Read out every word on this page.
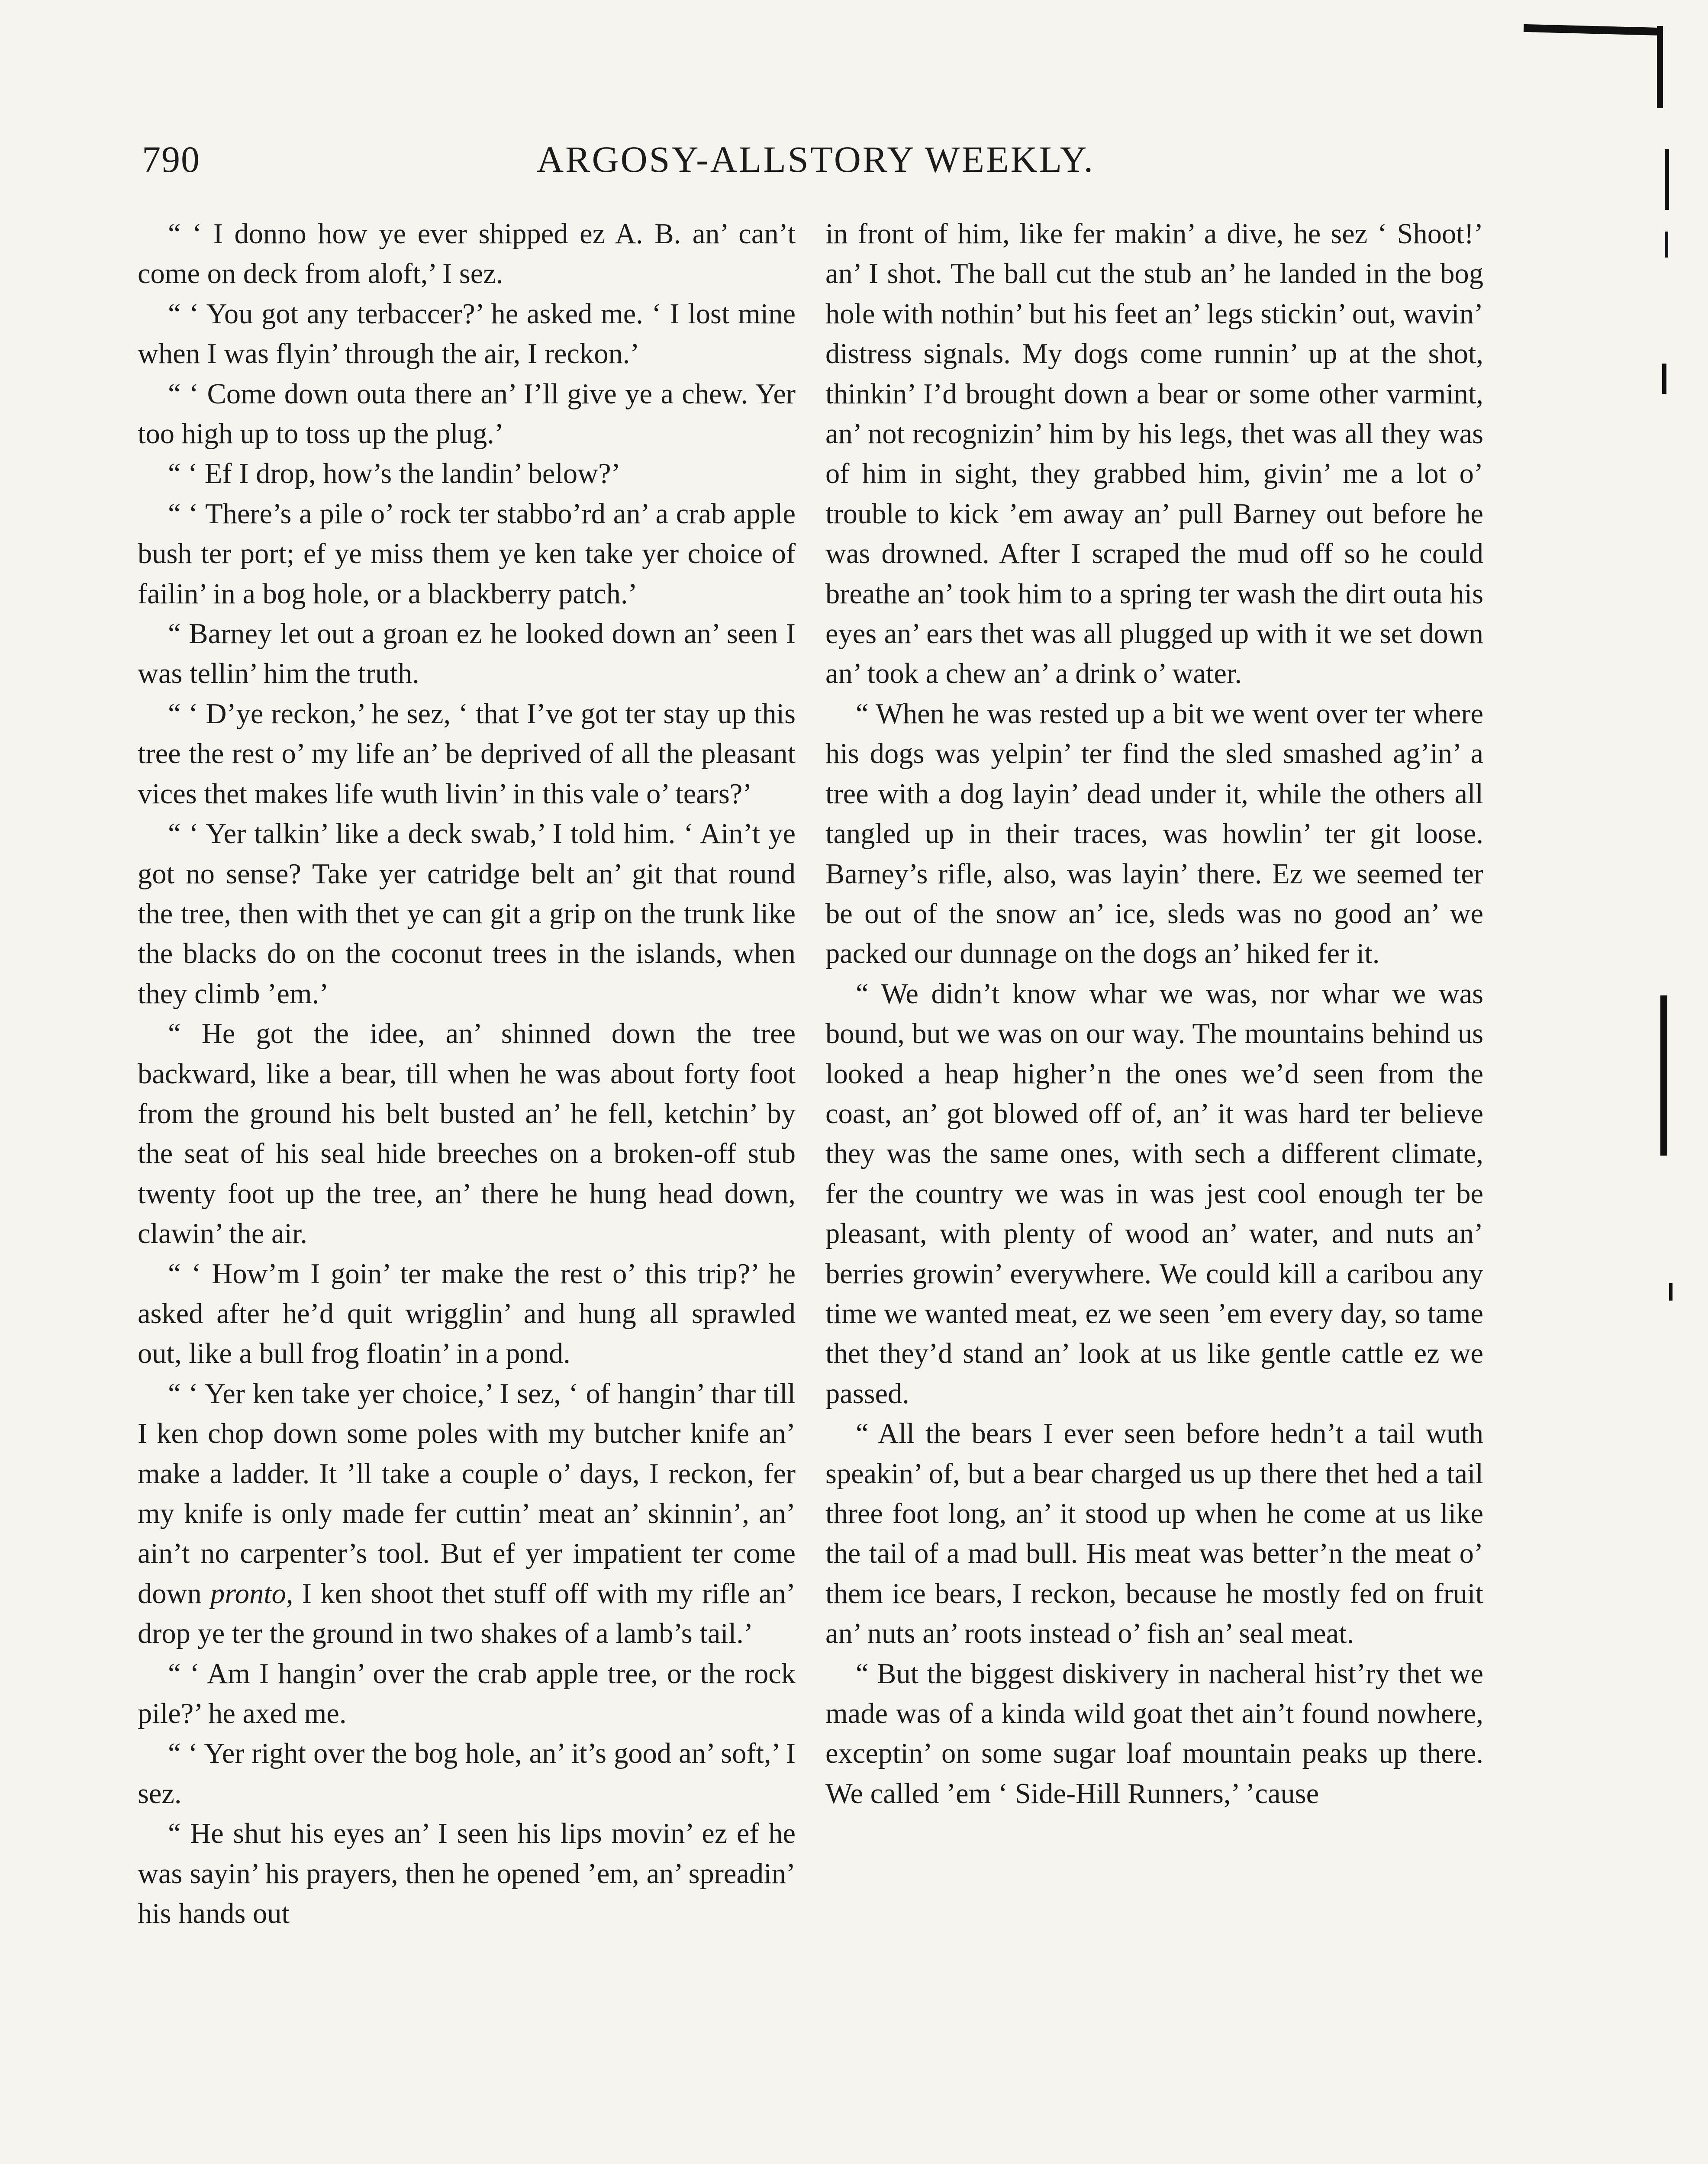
790	ARGOSY-ALLSTORY WEEKLY.

“ ‘ I donno how ye ever shipped ez A. B. an’ can’t come on deck from aloft,’ I sez.

“ ‘ You got any terbaccer?’ he asked me. ‘ I lost mine when I was flyin’ through the air, I reckon.’

“ ‘ Come down outa there an’ I’ll give ye a chew. Yer too high up to toss up the plug.’

“ ‘ Ef I drop, how’s the landin’ below?’

“ ‘ There’s a pile o’ rock ter stabbo’rd an’ a crab apple bush ter port; ef ye miss them ye ken take yer choice of failin’ in a bog hole, or a blackberry patch.’

“ Barney let out a groan ez he looked down an’ seen I was tellin’ him the truth.

“ ‘ D’ye reckon,’ he sez, ‘ that I’ve got ter stay up this tree the rest o’ my life an’ be deprived of all the pleasant vices thet makes life wuth livin’ in this vale o’ tears?’

“ ‘ Yer talkin’ like a deck swab,’ I told him. ‘ Ain’t ye got no sense? Take yer catridge belt an’ git that round the tree, then with thet ye can git a grip on the trunk like the blacks do on the coconut trees in the islands, when they climb ’em.’

“ He got the idee, an’ shinned down the tree backward, like a bear, till when he was about forty foot from the ground his belt busted an’ he fell, ketchin’ by the seat of his seal hide breeches on a broken-off stub twenty foot up the tree, an’ there he hung head down, clawin’ the air.

“ ‘ How’m I goin’ ter make the rest o’ this trip?’ he asked after he’d quit wrigglin’ and hung all sprawled out, like a bull frog floatin’ in a pond.

“ ‘ Yer ken take yer choice,’ I sez, ‘ of hangin’ thar till I ken chop down some poles with my butcher knife an’ make a ladder. It ’ll take a couple o’ days, I reckon, fer my knife is only made fer cuttin’ meat an’ skinnin’, an’ ain’t no carpenter’s tool. But ef yer impatient ter come down pronto, I ken shoot thet stuff off with my rifle an’ drop ye ter the ground in two shakes of a lamb’s tail.’

“ ‘ Am I hangin’ over the crab apple tree, or the rock pile?’ he axed me.

“ ‘ Yer right over the bog hole, an’ it’s good an’ soft,’ I sez.

“ He shut his eyes an’ I seen his lips movin’ ez ef he was sayin’ his prayers, then he opened ’em, an’ spreadin’ his hands out

in front of him, like fer makin’ a dive, he sez ‘ Shoot!’ an’ I shot. The ball cut the stub an’ he landed in the bog hole with nothin’ but his feet an’ legs stickin’ out, wavin’ distress signals. My dogs come runnin’ up at the shot, thinkin’ I’d brought down a bear or some other varmint, an’ not recognizin’ him by his legs, thet was all they was of him in sight, they grabbed him, givin’ me a lot o’ trouble to kick ’em away an’ pull Barney out before he was drowned. After I scraped the mud off so he could breathe an’ took him to a spring ter wash the dirt outa his eyes an’ ears thet was all plugged up with it we set down an’ took a chew an’ a drink o’ water.

“ When he was rested up a bit we went over ter where his dogs was yelpin’ ter find the sled smashed ag’in’ a tree with a dog layin’ dead under it, while the others all tangled up in their traces, was howlin’ ter git loose. Barney’s rifle, also, was layin’ there. Ez we seemed ter be out of the snow an’ ice, sleds was no good an’ we packed our dunnage on the dogs an’ hiked fer it.

“ We didn’t know whar we was, nor whar we was bound, but we was on our way. The mountains behind us looked a heap higher’n the ones we’d seen from the coast, an’ got blowed off of, an’ it was hard ter believe they was the same ones, with sech a different climate, fer the country we was in was jest cool enough ter be pleasant, with plenty of wood an’ water, and nuts an’ berries growin’ everywhere. We could kill a caribou any time we wanted meat, ez we seen ’em every day, so tame thet they’d stand an’ look at us like gentle cattle ez we passed.

“ All the bears I ever seen before hedn’t a tail wuth speakin’ of, but a bear charged us up there thet hed a tail three foot long, an’ it stood up when he come at us like the tail of a mad bull. His meat was better’n the meat o’ them ice bears, I reckon, because he mostly fed on fruit an’ nuts an’ roots instead o’ fish an’ seal meat.

“ But the biggest diskivery in nacheral hist’ry thet we made was of a kinda wild goat thet ain’t found nowhere, exceptin’ on some sugar loaf mountain peaks up there. We called ’em ‘ Side-Hill Runners,’ ’cause
